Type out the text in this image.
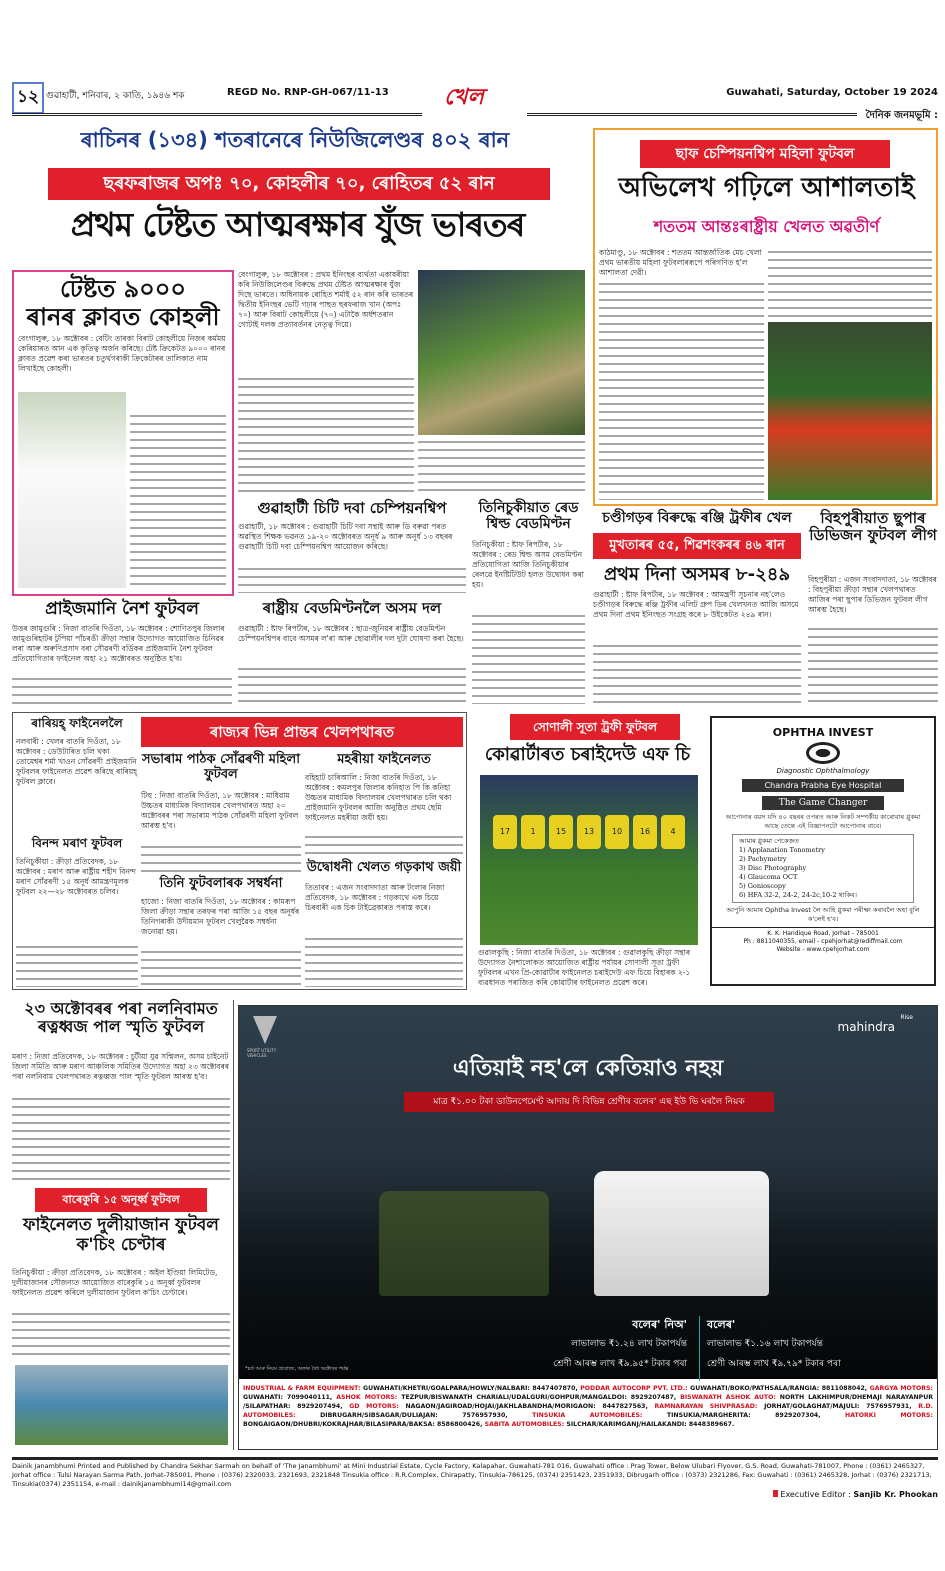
১২ গুৱাহাটী, শনিবাৰ, ২ কাতি, ১৯৪৬ শক	REGD No. RNP-GH-067/11-13	খেল	Guwahati, Saturday, October 19 2024
দৈনিক জনমভূমি :
ৰাচিনৰ (১৩৪) শতৰানেৰে নিউজিলেণ্ডৰ ৪০২ ৰান
ছৰফৰাজৰ অপঃ ৭০, কোহলীৰ ৭০, ৰোহিতৰ ৫২ ৰান
প্ৰথম টেষ্টত আত্মৰক্ষাৰ যুঁজ ভাৰতৰ
টেষ্টত ৯০০০
ৰানৰ ক্লাবত কোহলী
বেংগালুৰু, ১৮ অক্টোবৰ : বেটিং তাৰকা বিৰাট কোহলীয়ে নিজৰ কৰ্মময় কেৰিয়াৰত আন এক কৃতিত্ব অৰ্জন কৰিছে। টেষ্ট ক্ৰিকেটত ৯০০০ ৰানৰ ক্লাবত প্ৰৱেশ কৰা ভাৰতৰ চতুৰ্থগৰাকী ক্ৰিকেটাৰৰ তালিকাত নাম লিখাইছে কোহলী।
বেংগালুৰু, ১৮ অক্টোবৰ : প্ৰথম ইনিংছৰ ব্যৰ্থতা একাষৰীয়া কৰি নিউজিলেণ্ডৰ বিৰুদ্ধে প্ৰথম টেষ্টত আত্মৰক্ষাৰ যুঁজ দিছে ভাৰতে। অধিনায়ক ৰোহিত শৰ্মাই ৫২ ৰান কৰি ভাৰতৰ দ্বিতীয় ইনিংছৰ ভেটি গঢ়াৰ পাছত ছৰফৰাজ খান (অপঃ ৭০) আৰু বিৰাট কোহলীয়ে (৭০) এটাকৈ অৰ্ধশতৰান গোটাই দলক প্ৰত্যাবৰ্তনৰ নেতৃত্ব দিয়ে।
ছাফ চেম্পিয়নশ্বিপ মহিলা ফুটবল
অভিলেখ গঢ়িলে আশালতাই
শততম আন্তঃৰাষ্ট্ৰীয় খেলত অৱতীৰ্ণ
কাঠমাণ্ডু, ১৮ অক্টোবৰ : শততম আন্তৰ্জাতিক মেচ খেলা প্ৰথম ভাৰতীয় মহিলা ফুটবলাৰৰূপে পৰিগণিত হ'ল আশালতা দেৱী।
গুৱাহাটী চিটি দবা চেম্পিয়নশ্বিপ
গুৱাহাটী, ১৮ অক্টোবৰ : গুৱাহাটী চিটি দবা সন্থাই আৰু ডি বৰুৱা পৰত অৱস্থিত শিক্ষক ভৱনত ১৯-২০ অক্টোবৰত অনূৰ্ধ ৯ আৰু অনূৰ্ধ ১৩ বছৰৰ গুৱাহাটী চিটি দবা চেম্পিয়নশ্বিপ আয়োজন কৰিছে।
তিনিচুকীয়াত ৰেড শ্বিল্ড বেডমিণ্টন
তিনিচুকীয়া : ষ্টাফ ৰিপৰ্টাৰ, ১৮ অক্টোবৰ : ৰেড শ্বিল্ড অসম বেডমিণ্টন প্ৰতিযোগিতা আজি তিনিচুকীয়াৰ ৰেলৱে ইনষ্টিটিউট হলত উদ্বোধন কৰা হয়।
চণ্ডীগড়ৰ বিৰুদ্ধে ৰঞ্জি ট্ৰফীৰ খেল
মুখতাৰৰ ৫৫, শিৱশংকৰৰ ৪৬ ৰান
প্ৰথম দিনা অসমৰ ৮-২৪৯
গুৱাহাটী : ষ্টাফ ৰিপৰ্টাৰ, ১৮ অক্টোবৰ : আমন্ত্ৰণী সূচনাৰ নহ'লেও চণ্ডীগড়ৰ বিৰুদ্ধে ৰঞ্জি ট্ৰফীৰ এলিট গ্ৰুপ ডিৰ খেলখনত আজি অসমে প্ৰথম দিনা প্ৰথম ইনিংছত সংগ্ৰহ কৰে ৮ উইকেটত ২৪৯ ৰান।
বিহপুৰীয়াত ছুপাৰ ডিভিজন ফুটবল লীগ
বিহপুৰীয়া : এজন সংবাদদাতা, ১৮ অক্টোবৰ : বিহপুৰীয়া ক্ৰীড়া সন্থাৰ খেলপথাৰত আজিৰ পৰা ছুপাৰ ডিভিজন ফুটবল লীগ আৰম্ভ হৈছে।
প্ৰাইজমানি নৈশ ফুটবল
উত্তৰ জামুগুৰি : নিজা বাতৰি দিওঁতা, ১৮ অক্টোবৰ : শোণিতপুৰ জিলাৰ জামুগুৰিহাটৰ টুপিয়া পাঁচৰঙী ক্ৰীড়া সন্থাৰ উদ্যোগত আয়োজিত চিনিৱৰ লৰা আৰু অৰুণিপ্ৰসাদ বৰা সৌৱৰণী বৰ্ডিকৰ প্ৰাইজমানি নৈশ ফুটবল প্ৰতিযোগিতাৰ ফাইনেল অহা ২১ অক্টোবৰত অনুষ্ঠিত হ'ব।
ৰাষ্ট্ৰীয় বেডমিণ্টনলৈ অসম দল
গুৱাহাটী : ষ্টাফ ৰিপৰ্টাৰ, ১৮ অক্টোবৰ : ছাত্ৰ-জুনিয়ৰ ৰাষ্ট্ৰীয় বেডমিণ্টন চেম্পিয়নশ্বিপৰ বাবে অসমৰ ল'ৰা আৰু ছোৱালীৰ দল দুটা ঘোষণা কৰা হৈছে।
ৰাৰিয়হ্‌ ফাইনেললৈ
নলবাৰী : খেলৰ বাতৰি দিওঁতা, ১৮ অক্টোবৰ : ডেউটাৰিত চলি থকা তোমেশ্বৰ শৰ্মা খাওন সোঁৱৰণী প্ৰাইজমানি ফুটবলৰ ফাইনেলত প্ৰৱেশ কৰিছে ৰাৰিয়হ্‌ ফুটবল ক্লাবে।
বিনন্দ মৰাণ ফুটবল
তিনিচুকীয়া : ক্ৰীড়া প্ৰতিবেদক, ১৮ অক্টোবৰ : মৰাণ আৰু ৰাষ্ট্ৰীয় শহীদ বিনন্দ মৰাণ সোঁৱৰণী ১৫ অনূৰ্ধ আমন্ত্ৰণমূলক ফুটবল ২২—২৮ অক্টোবৰত চলিব।
ৰাজ্যৰ ভিন্ন প্ৰান্তৰ খেলপথাৰত
সভাৰাম পাঠক সোঁৱৰণী মহিলা ফুটবল
টিহু : নিজা বাতৰি দিওঁতা, ১৮ অক্টোবৰ : মাধিৱাম উচ্চতৰ মাধ্যমিক বিদ্যালয়ৰ খেলপথাৰত অহা ২০ অক্টোবৰৰ পৰা সভাৰাম পাঠক সোঁৱৰণী মহিলা ফুটবল আৰম্ভ হ'ব।
তিনি ফুটবলাৰক সম্বৰ্ধনা
হাজো : নিজা বাতৰি দিওঁতা, ১৮ অক্টোবৰ : কামৰূপ জিলা ক্ৰীড়া সন্থাৰ তৰফৰ পৰা আজি ১৫ বছৰ অনূৰ্ধৰ তিনিগৰাকী উদীয়মান ফুটবল খেলুৱৈক সম্বৰ্ধনা জনোৱা হয়।
মহৰীয়া ফাইনেলত
বহিহাট চাৰিআলি : নিজা বাতৰি দিওঁতা, ১৮ অক্টোবৰ : কমলপুৰ জিলাৰ কনিহাত পি কি কনিহা উচ্চতৰ মাধ্যমিক বিদ্যালয়ৰ খেলপথাৰত চলি থকা প্ৰাইজমানি ফুটবলৰ আজি অনুষ্ঠিত প্ৰথম ছেমি ফাইনেলত মহৰীয়া জয়ী হয়।
উদ্বোধনী খেলত গড়কাথ জয়ী
তিতাবৰ : এজন সংবাদদাতা আৰু টংলাৰ নিজা প্ৰতিবেদক, ১৮ অক্টোবৰ : গড়কাথে এক চিয়ে চিৰবাৰী এক চিক টাইব্ৰেকাৰত পৰাস্ত কৰে।
সোণালী সূতা ট্ৰফী ফুটবল
কোৱাৰ্টাৰত চৰাইদেউ এফ চি
17	1	15	13	10	16	4
গুৱালকুছি : নিজা বাতৰি দিওঁতা, ১৮ অক্টোবৰ : গুৱালকুছি ক্ৰীড়া সন্থাৰ উদ্যোগত নৈশালোকত আয়োজিত ৰাষ্ট্ৰীয় পৰ্যায়ৰ সোণালী সূতা ট্ৰফী ফুটবলৰ এখন প্ৰি-কোৱাৰ্টাৰ ফাইনেলত চৰাইদেউ এফ চিয়ে বিহাৰক ২-১ ব্যৱধানত পৰাজিত কৰি কোৱাৰ্টাৰ ফাইনেলত প্ৰৱেশ কৰে।
OPHTHA INVEST
Diagnostic Ophthalmology
Chandra Prabha Eye Hospital
The Game Changer
আপোনাৰ বয়স যদি ৪০ বছৰৰ ওপৰত আৰু নিকট সম্পৰ্কীয় কাৰোবাৰ গ্লুকমা আছে তেন্তে এই বিজ্ঞাপনটো আপোনাৰ বাবে।
আমাৰ গ্লুকমা পেকেজত
1) Applanation Tonometry
2) Pachymetry
3) Disc Photography
4) Glaucoma OCT
5) Gonioscopy
6) HFA 32-2, 24-2, 24-2c,10-2 থাকিব।
আপুনি আমাৰ Ophtha Invest লৈ আহি গ্লুকমা পৰীক্ষা কৰাবলৈ অহা বুলি ক'লেই হ'ব।
K. K. Handique Road, Jorhat - 785001
Ph : 8811040355, email - cpehjorhat@rediffmail.com
Website - www.cpehjorhat.com
২৩ অক্টোবৰৰ পৰা নলনিবামত ৰত্নধ্বজ পাল স্মৃতি ফুটবল
মৰাণ : নিজা প্ৰতিবেদক, ১৮ অক্টোবৰ : চুটীয়া যুৱ সন্মিলন, অসম চাইনেট জিলা সমিতি আৰু মৰাণ আঞ্চলিক সমিতিৰ উদ্যোগত অহা ২৩ অক্টোবৰৰ পৰা নলনিবাম খেলপথাৰত ৰত্নধ্বজ পাল স্মৃতি ফুটবল আৰম্ভ হ'ব।
বাৰেকুৰি ১৫ অনূৰ্ধ্ব ফুটবল
ফাইনেলত দুলীয়াজান ফুটবল ক'চিং চেণ্টাৰ
তিনিচুকীয়া : ক্ৰীড়া প্ৰতিবেদক, ১৮ অক্টোবৰ : অইল ইণ্ডিয়া লিমিটেড, দুলীয়াজানৰ সৌজন্যত আয়োজিত বাৰেকুৰি ১৫ অনূৰ্ধ্ব ফুটবলৰ ফাইনেলত প্ৰৱেশ কৰিলে দুলীয়াজান ফুটবল ক'চিং চেণ্টাৰে।
SPORT UTILITY VEHICLES
mahindra
Rise
এতিয়াই নহ'লে কেতিয়াও নহয়
মাত্ৰ ₹১.০০ টকা ডাউনপেমেণ্ট আদায় দি বিভিন্ন শ্ৰেণীৰ বলেৰ' এছ ইউ ভি ঘৰলৈ নিয়ক
বলেৰ' নিঅ'
লাভালাভ ₹১.২৪ লাখ টকাপৰ্যন্ত
শ্ৰেণী আৰম্ভ লাখ ₹৯.৯৫* টকাৰ পৰা
বলেৰ'
লাভালাভ ₹১.১৬ লাখ টকাপৰ্যন্ত
শ্ৰেণী আৰম্ভ লাখ ₹৯.৭৯* টকাৰ পৰা
*চৰ্ত আৰু নিয়ম প্ৰযোজ্য, অফাৰ বৈধ অক্টোবৰ পৰ্যন্ত
INDUSTRIAL & FARM EQUIPMENT: GUWAHATI/KHETRI/GOALPARA/HOWLY/NALBARI: 8447407870, PODDAR AUTOCORP PVT. LTD.: GUWAHATI/BOKO/PATHSALA/RANGIA: 8811088042, GARGYA MOTORS: GUWAHATI: 7099040111, ASHOK MOTORS: TEZPUR/BISWANATH CHARIALI/UDALGURI/GOHPUR/MANGALDOI: 8929207487, BISWANATH ASHOK AUTO: NORTH LAKHIMPUR/DHEMAJI NARAYANPUR /SILAPATHAR: 8929207494, GD MOTORS: NAGAON/JAGIROAD/HOJAI/JAKHLABANDHA/MORIGAON: 8447827563, RAMNARAYAN SHIVPRASAD: JORHAT/GOLAGHAT/MAJULI: 7576957931, R.D. AUTOMOBILES: DIBRUGARH/SIBSAGAR/DULIAJAN: 7576957930, TINSUKIA AUTOMOBILES: TINSUKIA/MARGHERITA: 8929207304, HATORKI MOTORS: BONGAIGAON/DHUBRI/KOKRAJHAR/BILASIPARA/BAKSA: 8586800426, SABITA AUTOMOBILES: SILCHAR/KARIMGANJ/HAILAKANDI: 8448389667.
Dainik Janambhumi Printed and Published by Chandra Sekhar Sarmah on behalf of 'The Janambhumi' at Mini Industrial Estate, Cycle Factory, Kalapahar, Guwahati-781 016, Guwahati office : Prag Tower, Below Ulubari Flyover, G.S. Road, Guwahati-781007, Phone : (0361) 2465327, Jorhat office : Tulsi Narayan Sarma Path, Jorhat-785001, Phone : (0376) 2320033, 2321693, 2321848 Tinsukia office : R.R.Complex, Chirapatty, Tinsukia-786125, (0374) 2351423, 2351933, Dibrugarh office : (0373) 2321286, Fax: Guwahati : (0361) 2465328, Jorhat : (0376) 2321713, Tinsukia(0374) 2351154, e-mail : dainikjanambhumi14@gmail.com
Executive Editor : Sanjib Kr. Phookan
